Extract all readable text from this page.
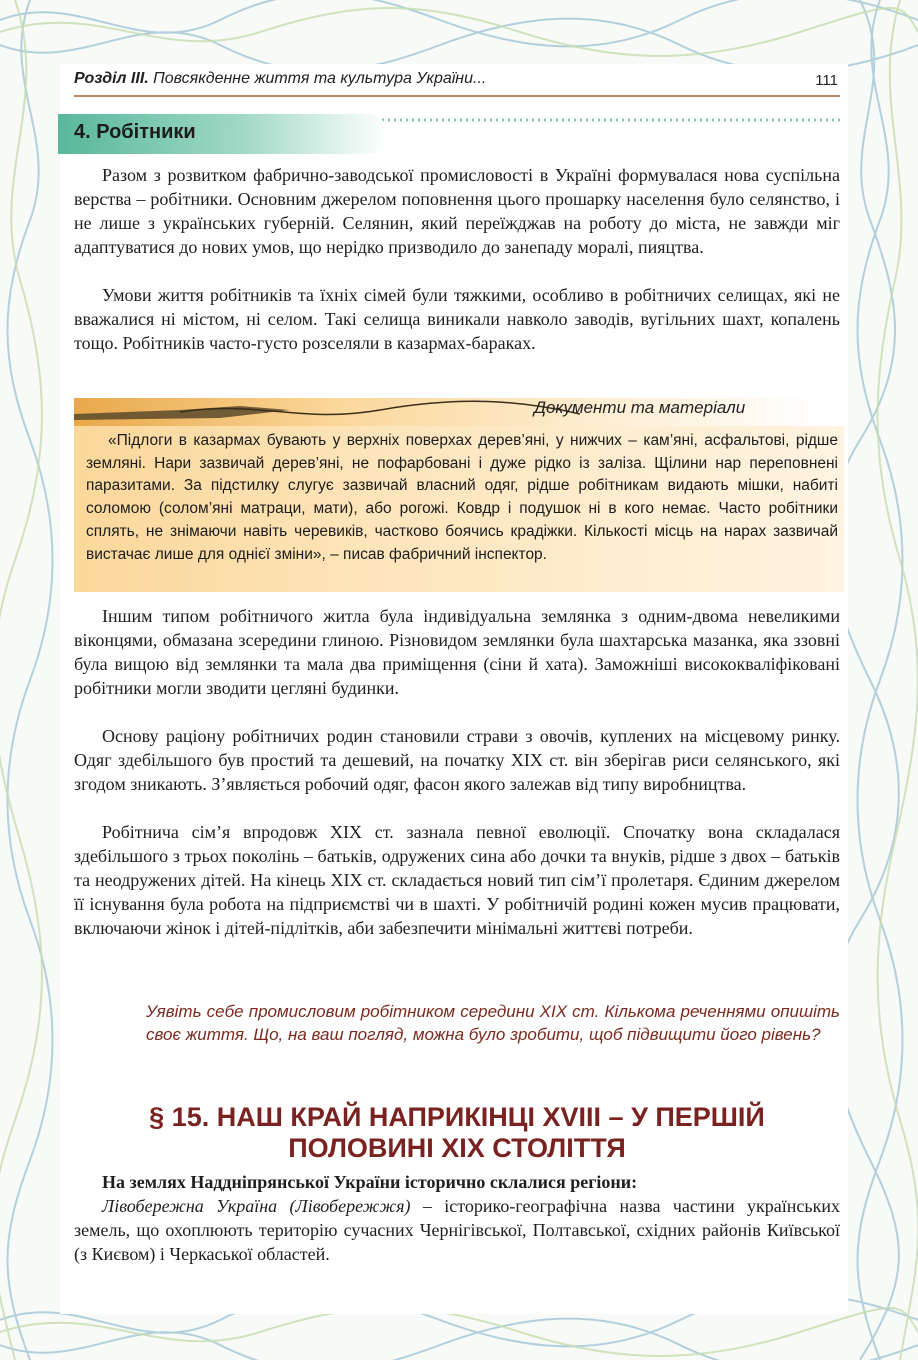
Розділ ІІІ. Повсякденне життя та культура України...	111
4. Робітники
Разом з розвитком фабрично-заводської промисловості в Україні формувалася нова суспільна верства – робітники. Основним джерелом поповнення цього прошарку населення було селянство, і не лише з українських губерній. Селянин, який переїжджав на роботу до міста, не завжди міг адаптуватися до нових умов, що нерідко призводило до занепаду моралі, пияцтва.
Умови життя робітників та їхніх сімей були тяжкими, особливо в робітничих селищах, які не вважалися ні містом, ні селом. Такі селища виникали навколо заводів, вугільних шахт, копалень тощо. Робітників часто-густо розселяли в казармах-бараках.
Документи та матеріали
«Підлоги в казармах бувають у верхніх поверхах дерев’яні, у нижчих – кам’яні, асфальтові, рідше земляні. Нари зазвичай дерев’яні, не пофарбовані і дуже рідко із заліза. Щілини нар переповнені паразитами. За підстилку слугує зазвичай власний одяг, рідше робітникам видають мішки, набиті соломою (солом’яні матраци, мати), або рогожі. Ковдр і подушок ні в кого немає. Часто робітники сплять, не знімаючи навіть черевиків, частково боячись крадіжки. Кількості місць на нарах зазвичай вистачає лише для однієї зміни», – писав фабричний інспектор.
Іншим типом робітничого житла була індивідуальна землянка з одним-двома невеликими віконцями, обмазана зсередини глиною. Різновидом землянки була шахтарська мазанка, яка ззовні була вищою від землянки та мала два приміщення (сіни й хата). Заможніші висококваліфіковані робітники могли зводити цегляні будинки.
Основу раціону робітничих родин становили страви з овочів, куплених на місцевому ринку. Одяг здебільшого був простий та дешевий, на початку ХІХ ст. він зберігав риси селянського, які згодом зникають. З’являється робочий одяг, фасон якого залежав від типу виробництва.
Робітнича сім’я впродовж ХІХ ст. зазнала певної еволюції. Спочатку вона складалася здебільшого з трьох поколінь – батьків, одружених сина або дочки та внуків, рідше з двох – батьків та неодружених дітей. На кінець ХІХ ст. складається новий тип сім’ї пролетаря. Єдиним джерелом її існування була робота на підприємстві чи в шахті. У робітничій родині кожен мусив працювати, включаючи жінок і дітей-підлітків, аби забезпечити мінімальні життєві потреби.
Уявіть себе промисловим робітником середини ХІХ ст. Кількома реченнями опишіть своє життя. Що, на ваш погляд, можна було зробити, щоб підвищити його рівень?
§ 15. НАШ КРАЙ НАПРИКІНЦІ XVIII – У ПЕРШІЙ ПОЛОВИНІ ХІХ СТОЛІТТЯ
На землях Наддніпрянської України історично склалися регіони:
Лівобережна Україна (Лівобережжя) – історико-географічна назва частини українських земель, що охоплюють територію сучасних Чернігівської, Полтавської, східних районів Київської (з Києвом) і Черкаської областей.
